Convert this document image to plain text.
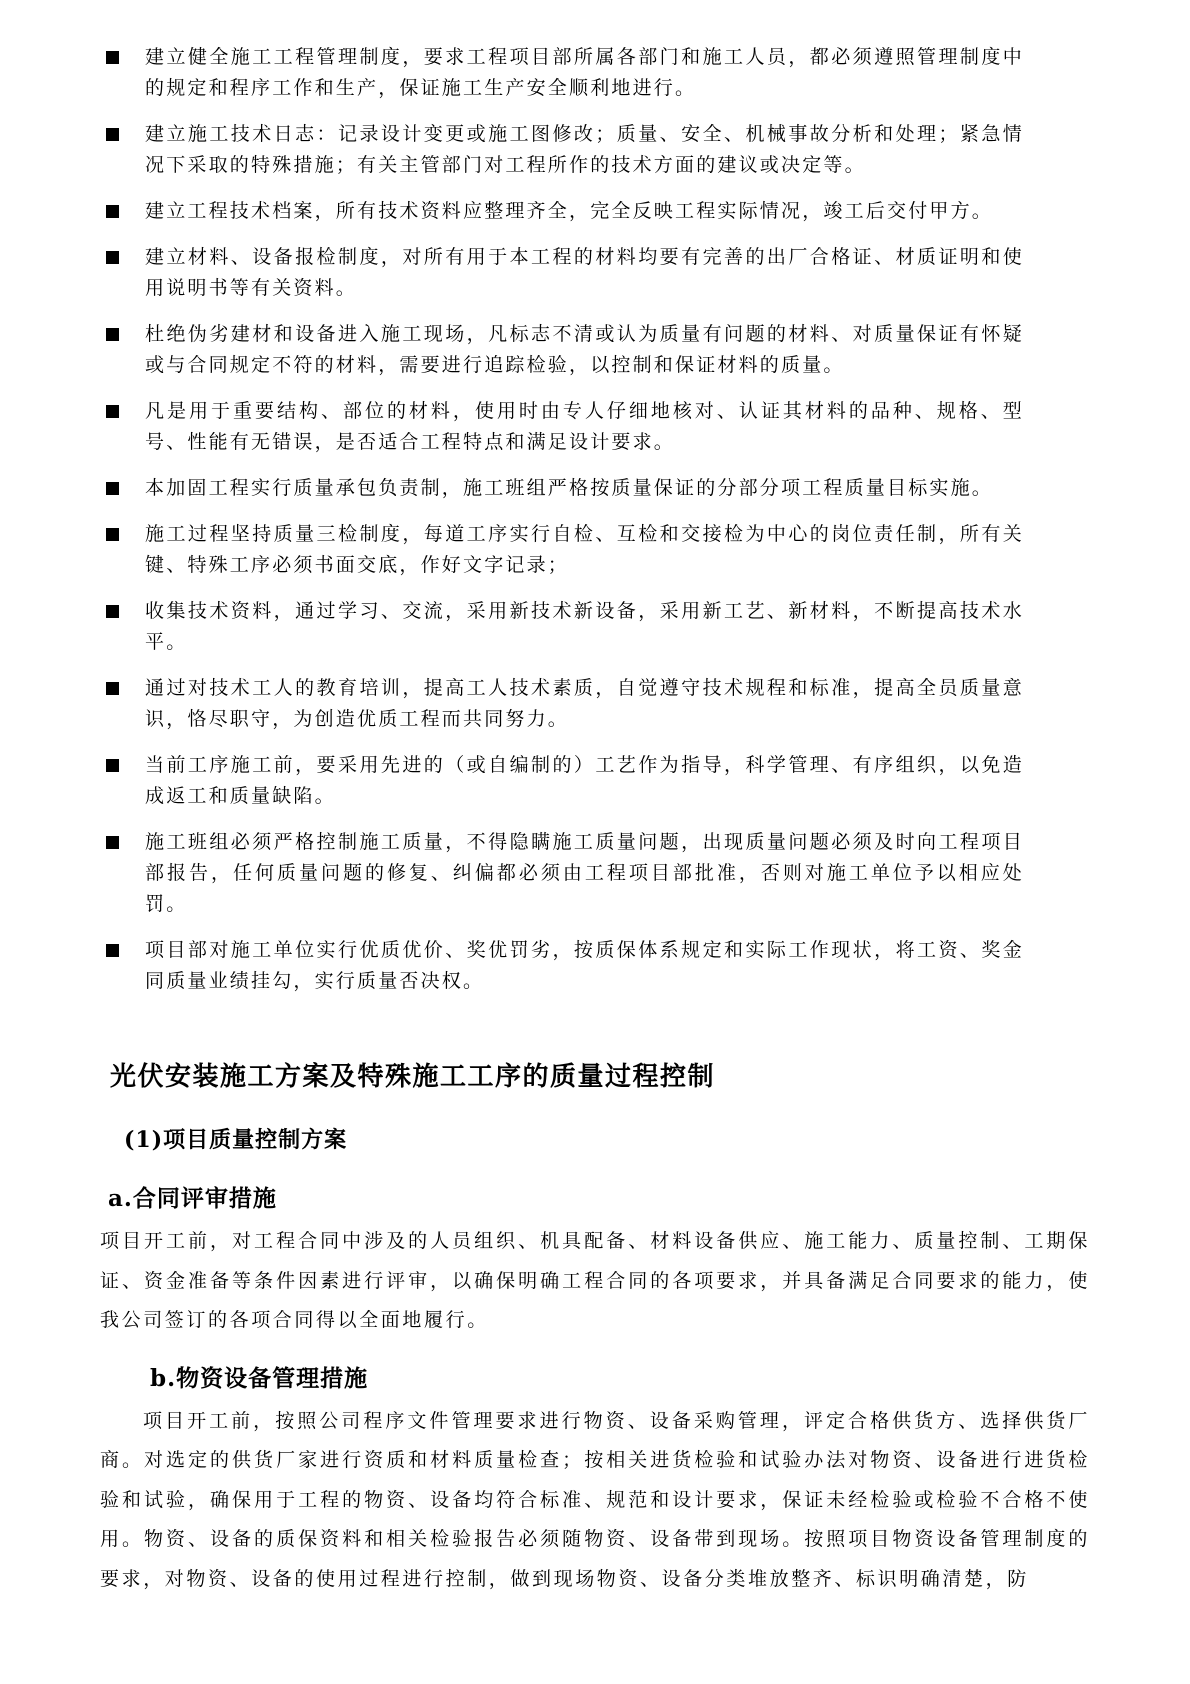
建立健全施工工程管理制度，要求工程项目部所属各部门和施工人员，都必须遵照管理制度中的规定和程序工作和生产，保证施工生产安全顺利地进行。
建立施工技术日志：记录设计变更或施工图修改；质量、安全、机械事故分析和处理；紧急情况下采取的特殊措施；有关主管部门对工程所作的技术方面的建议或决定等。
建立工程技术档案，所有技术资料应整理齐全，完全反映工程实际情况，竣工后交付甲方。
建立材料、设备报检制度，对所有用于本工程的材料均要有完善的出厂合格证、材质证明和使用说明书等有关资料。
杜绝伪劣建材和设备进入施工现场，凡标志不清或认为质量有问题的材料、对质量保证有怀疑或与合同规定不符的材料，需要进行追踪检验，以控制和保证材料的质量。
凡是用于重要结构、部位的材料，使用时由专人仔细地核对、认证其材料的品种、规格、型号、性能有无错误，是否适合工程特点和满足设计要求。
本加固工程实行质量承包负责制，施工班组严格按质量保证的分部分项工程质量目标实施。
施工过程坚持质量三检制度，每道工序实行自检、互检和交接检为中心的岗位责任制，所有关键、特殊工序必须书面交底，作好文字记录；
收集技术资料，通过学习、交流，采用新技术新设备，采用新工艺、新材料，不断提高技术水平。
通过对技术工人的教育培训，提高工人技术素质，自觉遵守技术规程和标准，提高全员质量意识，恪尽职守，为创造优质工程而共同努力。
当前工序施工前，要采用先进的（或自编制的）工艺作为指导，科学管理、有序组织，以免造成返工和质量缺陷。
施工班组必须严格控制施工质量，不得隐瞒施工质量问题，出现质量问题必须及时向工程项目部报告，任何质量问题的修复、纠偏都必须由工程项目部批准，否则对施工单位予以相应处罚。
项目部对施工单位实行优质优价、奖优罚劣，按质保体系规定和实际工作现状，将工资、奖金同质量业绩挂勾，实行质量否决权。
光伏安装施工方案及特殊施工工序的质量过程控制
(1)项目质量控制方案
a.合同评审措施

项目开工前，对工程合同中涉及的人员组织、机具配备、材料设备供应、施工能力、质量控制、工期保证、资金准备等条件因素进行评审，以确保明确工程合同的各项要求，并具备满足合同要求的能力，使我公司签订的各项合同得以全面地履行。

b.物资设备管理措施

项目开工前，按照公司程序文件管理要求进行物资、设备采购管理，评定合格供货方、选择供货厂商。对选定的供货厂家进行资质和材料质量检查；按相关进货检验和试验办法对物资、设备进行进货检验和试验，确保用于工程的物资、设备均符合标准、规范和设计要求，保证未经检验或检验不合格不使用。物资、设备的质保资料和相关检验报告必须随物资、设备带到现场。按照项目物资设备管理制度的要求，对物资、设备的使用过程进行控制，做到现场物资、设备分类堆放整齐、标识明确清楚，防
